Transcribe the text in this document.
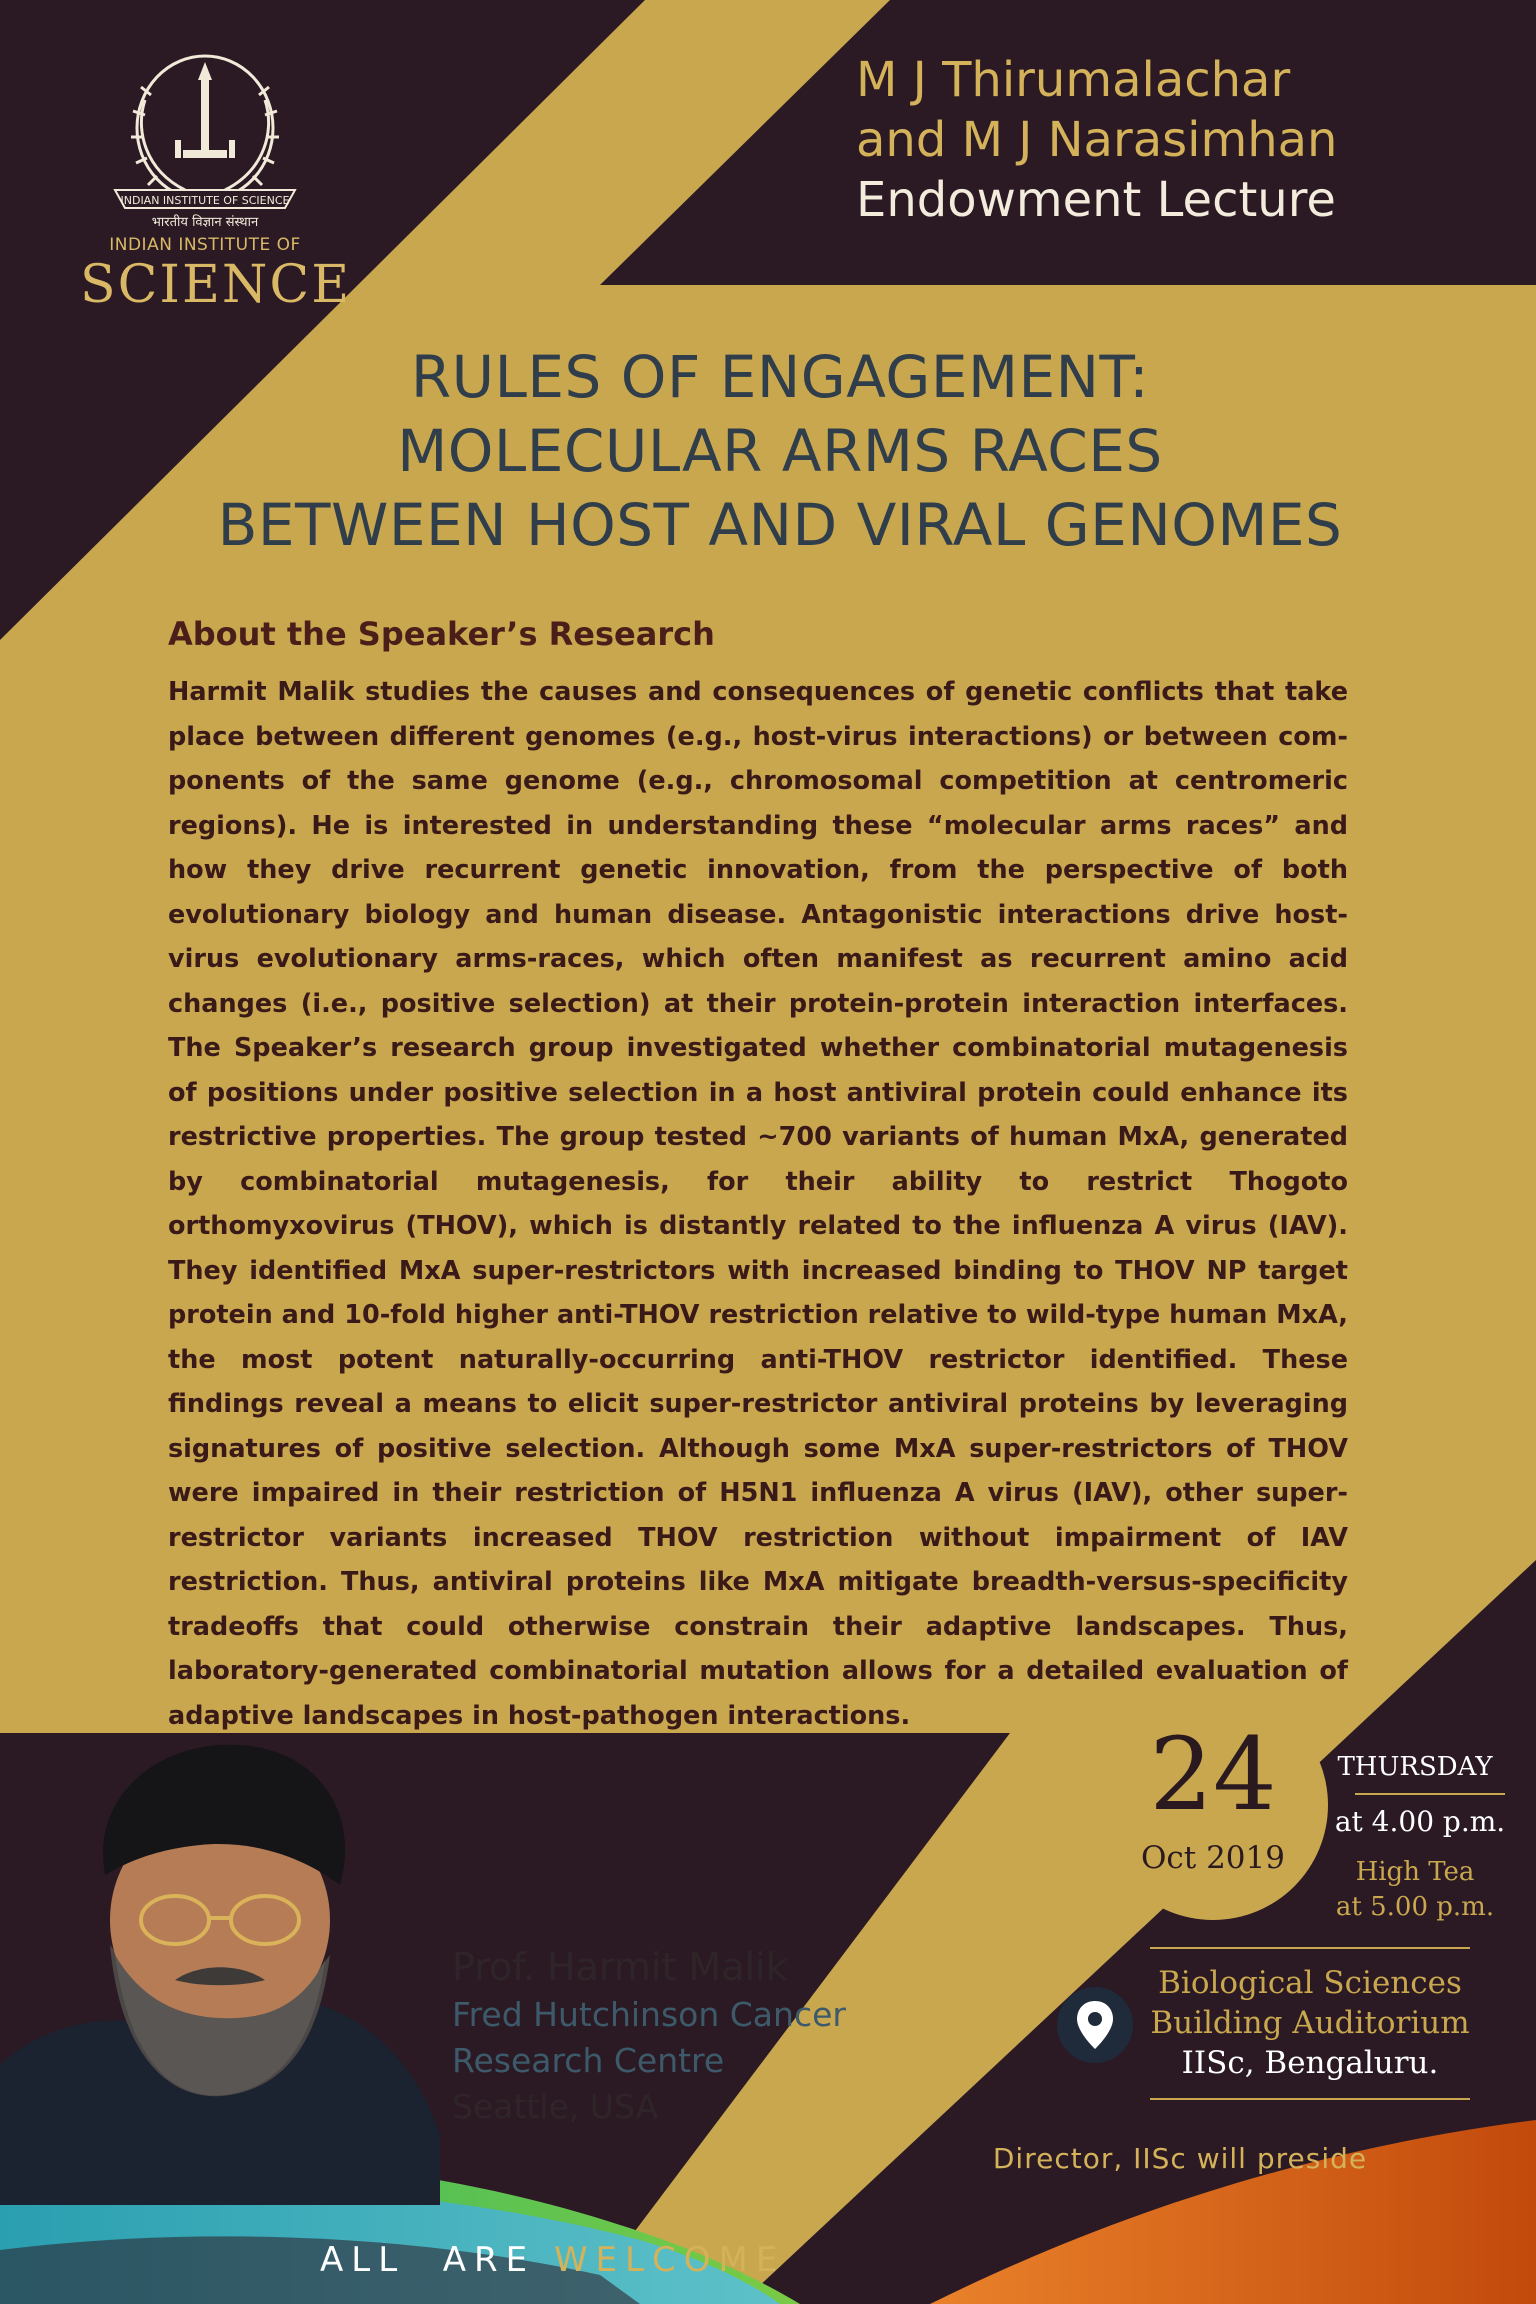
INDIAN INSTITUTE OF SCIENCE
भारतीय विज्ञान संस्थान
INDIAN INSTITUTE OF
SCIENCE
M J Thirumalachar
and M J Narasimhan
Endowment Lecture
RULES OF ENGAGEMENT:
MOLECULAR ARMS RACES
BETWEEN HOST AND VIRAL GENOMES
About the Speaker’s Research

Harmit Malik studies the causes and consequences of genetic conflicts that take place between different genomes (e.g., host-virus interactions) or between components of the same genome (e.g., chromosomal competition at centromeric regions). He is interested in understanding these “molecular arms races” and how they drive recurrent genetic innovation, from the perspective of both evolutionary biology and human disease. Antagonistic interactions drive host-virus evolutionary arms-races, which often manifest as recurrent amino acid changes (i.e., positive selection) at their protein-protein interaction interfaces. The Speaker’s research group investigated whether combinatorial mutagenesis of positions under positive selection in a host antiviral protein could enhance its restrictive properties. The group tested ~700 variants of human MxA, generated by combinatorial mutagenesis, for their ability to restrict Thogoto orthomyxovirus (THOV), which is distantly related to the influenza A virus (IAV). They identified MxA super-restrictors with increased binding to THOV NP target protein and 10-fold higher anti-THOV restriction relative to wild-type human MxA, the most potent naturally-occurring anti-THOV restrictor identified. These findings reveal a means to elicit super-restrictor antiviral proteins by leveraging signatures of positive selection. Although some MxA super-restrictors of THOV were impaired in their restriction of H5N1 influenza A virus (IAV), other super-restrictor variants increased THOV restriction without impairment of IAV restriction. Thus, antiviral proteins like MxA mitigate breadth-versus-specificity tradeoffs that could otherwise constrain their adaptive landscapes. Thus, laboratory-generated combinatorial mutation allows for a detailed evaluation of adaptive landscapes in host-pathogen interactions.

Prof. Harmit Malik
Fred Hutchinson Cancer
Research Centre
Seattle, USA
24
Oct 2019
THURSDAY
at 4.00 p.m.
High Tea
at 5.00 p.m.
Biological Sciences
Building Auditorium
IISc, Bengaluru.
Director, IISc will preside
ALL  ARE WELCOME
